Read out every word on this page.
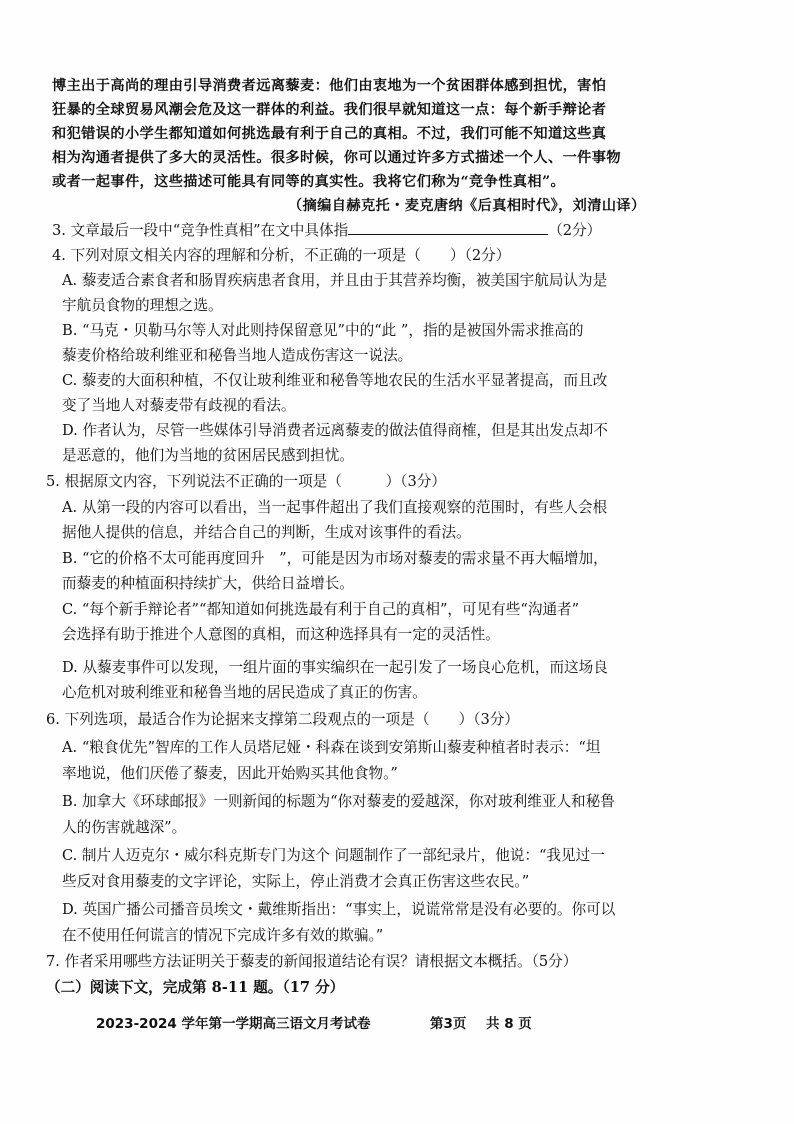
博主出于高尚的理由引导消费者远离藜麦：他们由衷地为一个贫困群体感到担忧，害怕
狂暴的全球贸易风潮会危及这一群体的利益。我们很早就知道这一点：每个新手辩论者
和犯错误的小学生都知道如何挑选最有利于自己的真相。不过，我们可能不知道这些真
相为沟通者提供了多大的灵活性。很多时候，你可以通过许多方式描述一个人、一件事物
或者一起事件，这些描述可能具有同等的真实性。我将它们称为“竞争性真相”。
（摘编自赫克托・麦克唐纳《后真相时代》，刘清山译）
3. 文章最后一段中“竞争性真相”在文中具体指	（2分）
4. 下列对原文相关内容的理解和分析，不正确的一项是（　　）（2分）
A. 藜麦适合素食者和肠胃疾病患者食用，并且由于其营养均衡，被美国宇航局认为是
宇航员食物的理想之选。
B. “马克・贝勒马尔等人对此则持保留意见”中的“此 ”，指的是被国外需求推高的
藜麦价格给玻利维亚和秘鲁当地人造成伤害这一说法。
C. 藜麦的大面积种植，不仅让玻利维亚和秘鲁等地农民的生活水平显著提高，而且改
变了当地人对藜麦带有歧视的看法。
D. 作者认为，尽管一些媒体引导消费者远离藜麦的做法值得商榷，但是其出发点却不
是恶意的，他们为当地的贫困居民感到担忧。
5. 根据原文内容，下列说法不正确的一项是（　　　）（3分）
A. 从第一段的内容可以看出，当一起事件超出了我们直接观察的范围时，有些人会根
据他人提供的信息，并结合自己的判断，生成对该事件的看法。
B. “它的价格不太可能再度回升　”，可能是因为市场对藜麦的需求量不再大幅增加，
而藜麦的种植面积持续扩大，供给日益增长。
C. “每个新手辩论者”“都知道如何挑选最有利于自己的真相”，可见有些“沟通者”
会选择有助于推进个人意图的真相，而这种选择具有一定的灵活性。
D. 从藜麦事件可以发现，一组片面的事实编织在一起引发了一场良心危机，而这场良
心危机对玻利维亚和秘鲁当地的居民造成了真正的伤害。
6. 下列选项，最适合作为论据来支撑第二段观点的一项是（　　）（3分）
A. “粮食优先”智库的工作人员塔尼娅・科森在谈到安第斯山藜麦种植者时表示：“坦
率地说，他们厌倦了藜麦，因此开始购买其他食物。”
B. 加拿大《环球邮报》一则新闻的标题为“你对藜麦的爱越深，你对玻利维亚人和秘鲁
人的伤害就越深”。
C. 制片人迈克尔・威尔科克斯专门为这个 问题制作了一部纪录片，他说：“我见过一
些反对食用藜麦的文字评论，实际上，停止消费才会真正伤害这些农民。”
D. 英国广播公司播音员埃文・戴维斯指出：“事实上，说谎常常是没有必要的。你可以
在不使用任何谎言的情况下完成许多有效的欺骗。”
7. 作者采用哪些方法证明关于藜麦的新闻报道结论有误？请根据文本概括。（5分）
（二）阅读下文，完成第 8-11 题。（17 分）
2023-2024 学年第一学期高三语文月考试卷	第3页 共 8 页
